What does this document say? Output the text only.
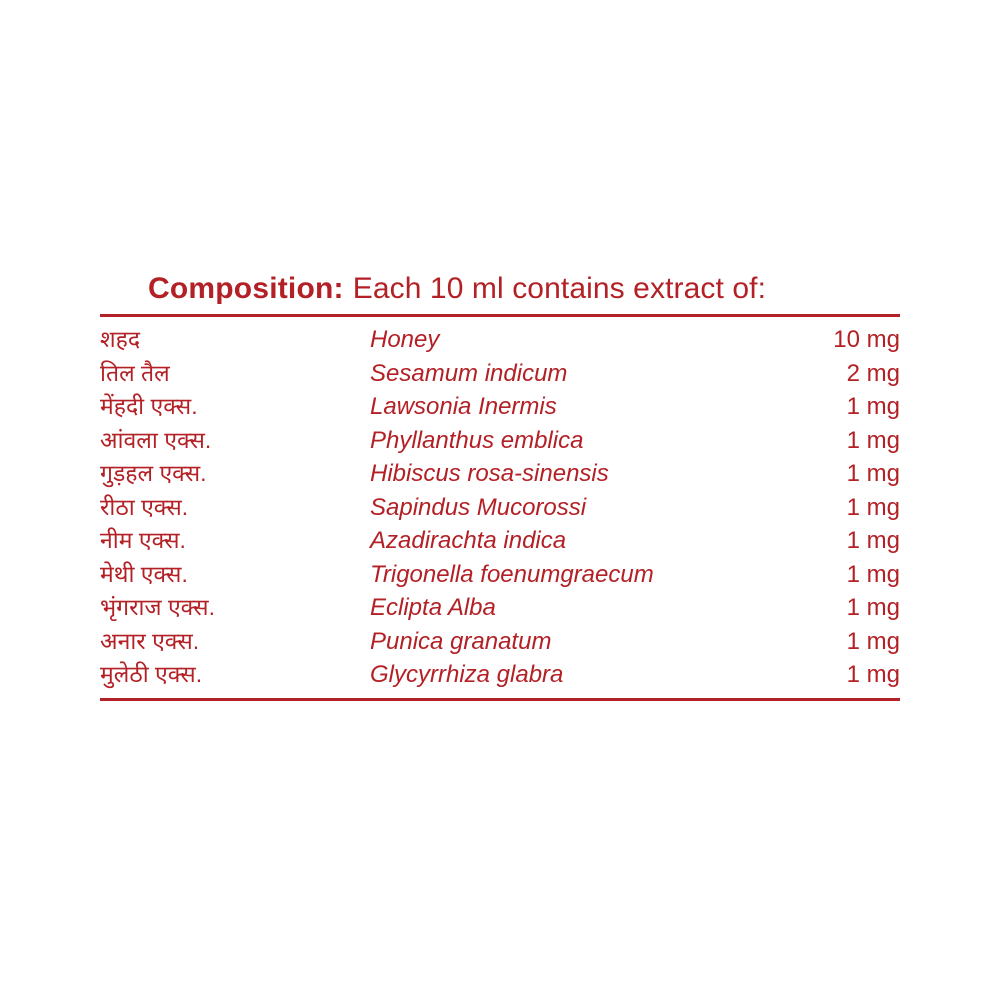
Composition: Each 10 ml contains extract of:
शहद	Honey	10 mg
तिल तैल	Sesamum indicum	2 mg
मेंहदी एक्स.	Lawsonia Inermis	1 mg
आंवला एक्स.	Phyllanthus emblica	1 mg
गुड़हल एक्स.	Hibiscus rosa-sinensis	1 mg
रीठा एक्स.	Sapindus Mucorossi	1 mg
नीम एक्स.	Azadirachta indica	1 mg
मेथी एक्स.	Trigonella foenumgraecum	1 mg
भृंगराज एक्स.	Eclipta Alba	1 mg
अनार एक्स.	Punica granatum	1 mg
मुलेठी एक्स.	Glycyrrhiza glabra	1 mg
